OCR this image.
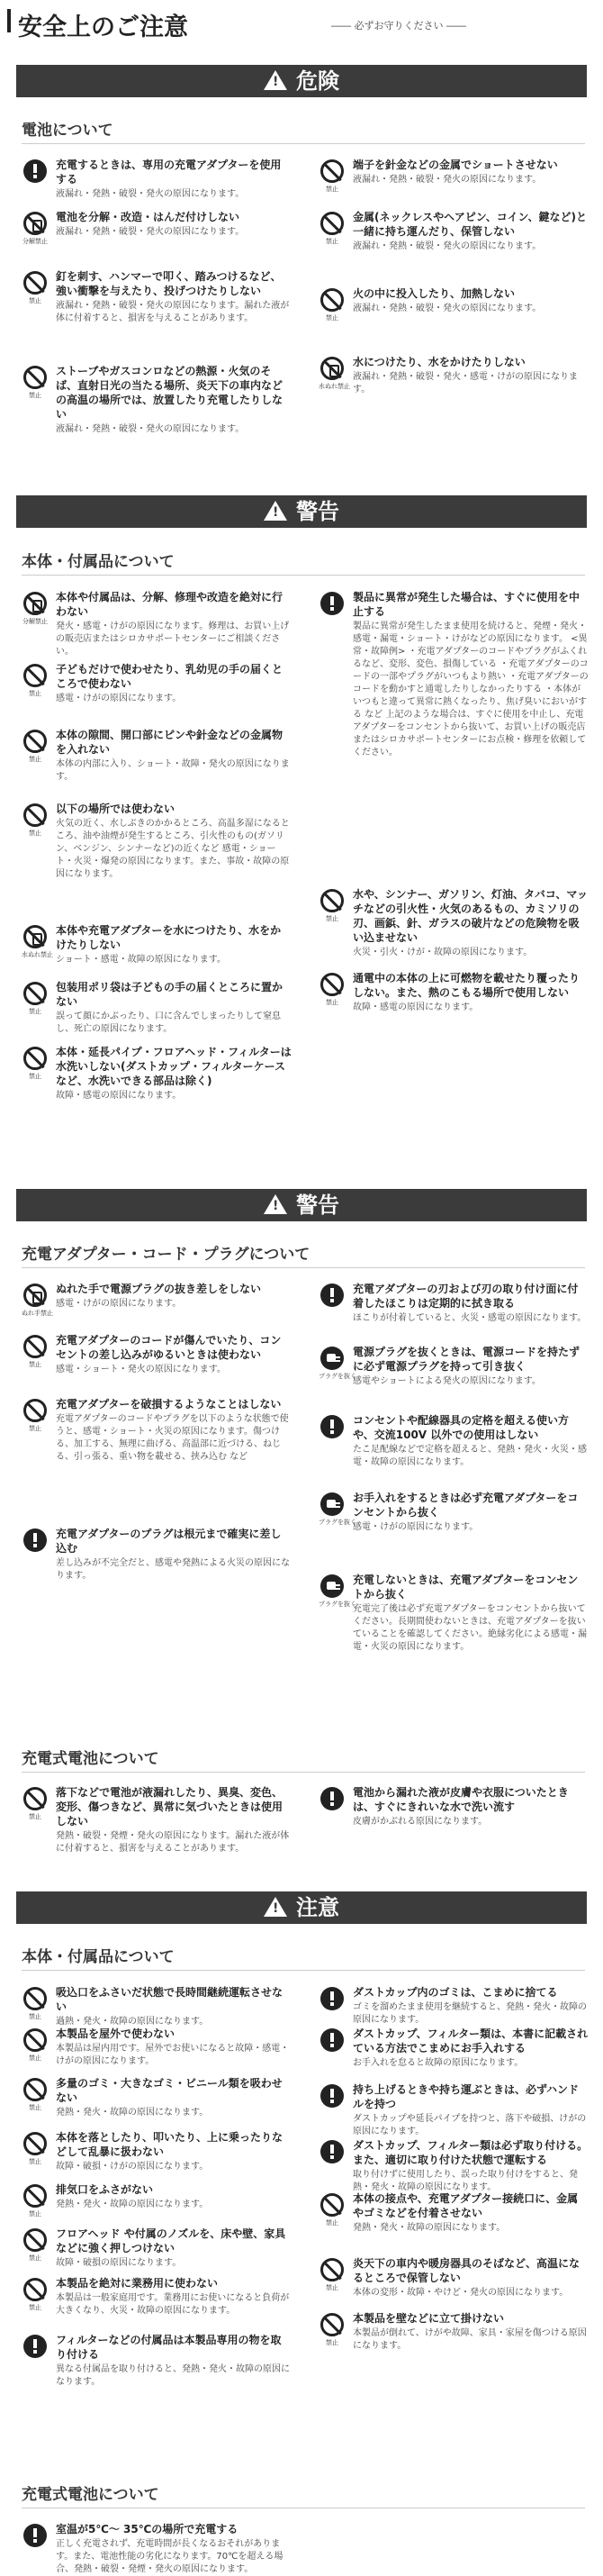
安全上のご注意	―― 必ずお守りください ――
!危険
電池について
充電するときは、専用の充電アダプターを使用する
液漏れ・発熱・破裂・発火の原因になります。
分解禁止
電池を分解・改造・はんだ付けしない
液漏れ・発熱・破裂・発火の原因になります。
禁止
釘を刺す、ハンマーで叩く、踏みつけるなど、強い衝撃を与えたり、投げつけたりしない
液漏れ・発熱・破裂・発火の原因になります。漏れた液が体に付着すると、損害を与えることがあります。
禁止
ストーブやガスコンロなどの熱源・火気のそば、直射日光の当たる場所、炎天下の車内などの高温の場所では、放置したり充電したりしない
液漏れ・発熱・破裂・発火の原因になります。
禁止
端子を針金などの金属でショートさせない
液漏れ・発熱・破裂・発火の原因になります。
禁止
金属(ネックレスやヘアピン、コイン、鍵など)と一緒に持ち運んだり、保管しない
液漏れ・発熱・破裂・発火の原因になります。
禁止
火の中に投入したり、加熱しない
液漏れ・発熱・破裂・発火の原因になります。
水ぬれ禁止
水につけたり、水をかけたりしない
液漏れ・発熱・破裂・発火・感電・けがの原因になります。
!警告
本体・付属品について
分解禁止
本体や付属品は、分解、修理や改造を絶対に行わない
発火・感電・けがの原因になります。修理は、お買い上げの販売店またはシロカサポートセンターにご相談ください。
禁止
子どもだけで使わせたり、乳幼児の手の届くところで使わない
感電・けがの原因になります。
禁止
本体の隙間、開口部にピンや針金などの金属物を入れない
本体の内部に入り、ショート・故障・発火の原因になります。
禁止
以下の場所では使わない
火気の近く、水しぶきのかかるところ、高温多湿になるところ、油や油煙が発生するところ、引火性のもの(ガソリン、ベンジン、シンナーなど)の近くなど 感電・ショート・火災・爆発の原因になります。また、事故・故障の原因になります。
水ぬれ禁止
本体や充電アダプターを水につけたり、水をかけたりしない
ショート・感電・故障の原因になります。
禁止
包装用ポリ袋は子どもの手の届くところに置かない
誤って顔にかぶったり、口に含んでしまったりして窒息し、死亡の原因になります。
禁止
本体・延長パイプ・フロアヘッド・フィルターは水洗いしない(ダストカップ・フィルターケースなど、水洗いできる部品は除く)
故障・感電の原因になります。
製品に異常が発生した場合は、すぐに使用を中止する
製品に異常が発生したまま使用を続けると、発煙・発火・感電・漏電・ショート・けがなどの原因になります。 <異常・故障例> ・充電アダプターのコードやプラグがふくれるなど、変形、変色、損傷している ・充電アダプターのコードの一部やプラグがいつもより熱い ・充電アダプターのコードを動かすと通電したりしなかったりする ・本体がいつもと違って異常に熱くなったり、焦げ臭いにおいがする など 上記のような場合は、すぐに使用を中止し、充電アダプターをコンセントから抜いて、お買い上げの販売店またはシロカサポートセンターにお点検・修理を依頼してください。
禁止
水や、シンナー、ガソリン、灯油、タバコ、マッチなどの引火性・火気のあるもの、カミソリの刃、画鋲、針、ガラスの破片などの危険物を吸い込ませない
火災・引火・けが・故障の原因になります。
禁止
通電中の本体の上に可燃物を載せたり覆ったりしない。また、熱のこもる場所で使用しない
故障・感電の原因になります。
!警告
充電アダプター・コード・プラグについて
ぬれ手禁止
ぬれた手で電源プラグの抜き差しをしない
感電・けがの原因になります。
禁止
充電アダプターのコードが傷んでいたり、コンセントの差し込みがゆるいときは使わない
感電・ショート・発火の原因になります。
禁止
充電アダプターを破損するようなことはしない
充電アダプターのコードやプラグを以下のような状態で使うと、感電・ショート・火災の原因になります。傷つける、加工する、無理に曲げる、高温部に近づける、ねじる、引っ張る、重い物を載せる、挟み込む など
充電アダプターのプラグは根元まで確実に差し込む
差し込みが不完全だと、感電や発熱による火災の原因になります。
充電アダプターの刃および刃の取り付け面に付着したほこりは定期的に拭き取る
ほこりが付着していると、火災・感電の原因になります。
プラグを抜く
電源プラグを抜くときは、電源コードを持たずに必ず電源プラグを持って引き抜く
感電やショートによる発火の原因になります。
コンセントや配線器具の定格を超える使い方や、交流100V 以外での使用はしない
たこ足配線などで定格を超えると、発熱・発火・火災・感電・故障の原因になります。
プラグを抜く
お手入れをするときは必ず充電アダプターをコンセントから抜く
感電・けがの原因になります。
プラグを抜く
充電しないときは、充電アダプターをコンセントから抜く
充電完了後は必ず充電アダプターをコンセントから抜いてください。長期間使わないときは、充電アダプターを抜いていることを確認してください。絶縁劣化による感電・漏電・火災の原因になります。
充電式電池について
禁止
落下などで電池が液漏れしたり、異臭、変色、変形、傷つきなど、異常に気づいたときは使用しない
発熱・破裂・発煙・発火の原因になります。漏れた液が体に付着すると、損害を与えることがあります。
電池から漏れた液が皮膚や衣服についたときは、すぐにきれいな水で洗い流す
皮膚がかぶれる原因になります。
!注意
本体・付属品について
禁止
吸込口をふさいだ状態で長時間継続運転させない
過熱・発火・故障の原因になります。
禁止
本製品を屋外で使わない
本製品は屋内用です。屋外でお使いになると故障・感電・けがの原因になります。
禁止
多量のゴミ・大きなゴミ・ビニール類を吸わせない
発熱・発火・故障の原因になります。
禁止
本体を落としたり、叩いたり、上に乗ったりなどして乱暴に扱わない
故障・破損・けがの原因になります。
禁止
排気口をふさがない
発熱・発火・故障の原因になります。
禁止
フロアヘッド や付属のノズルを、床や壁、家具などに強く押しつけない
故障・破損の原因になります。
禁止
本製品を絶対に業務用に使わない
本製品は一般家庭用です。業務用にお使いになると負荷が大きくなり、火災・故障の原因になります。
フィルターなどの付属品は本製品専用の物を取り付ける
異なる付属品を取り付けると、発熱・発火・故障の原因になります。
ダストカップ内のゴミは、こまめに捨てる
ゴミを溜めたまま使用を継続すると、発熱・発火・故障の原因になります。
ダストカップ、フィルター類は、本書に記載されている方法でこまめにお手入れする
お手入れを怠ると故障の原因になります。
持ち上げるときや持ち運ぶときは、必ずハンドルを持つ
ダストカップや延長パイプを持つと、落下や破損、けがの原因になります。
ダストカップ、フィルター類は必ず取り付ける。また、適切に取り付けた状態で運転する
取り付けずに使用したり、誤った取り付けをすると、発熱・発火・故障の原因になります。
禁止
本体の接点や、充電アダプター接続口に、金属やゴミなどを付着させない
発熱・発火・故障の原因になります。
禁止
炎天下の車内や暖房器具のそばなど、高温になるところで保管しない
本体の変形・故障・やけど・発火の原因になります。
禁止
本製品を壁などに立て掛けない
本製品が倒れて、けがや故障、家具・家屋を傷つける原因になります。
充電式電池について
室温が5℃～ 35℃の場所で充電する
正しく充電されず、充電時間が長くなるおそれがあります。また、電池性能の劣化になります。70℃を超える場合、発熱・破裂・発煙・発火の原因になります。
